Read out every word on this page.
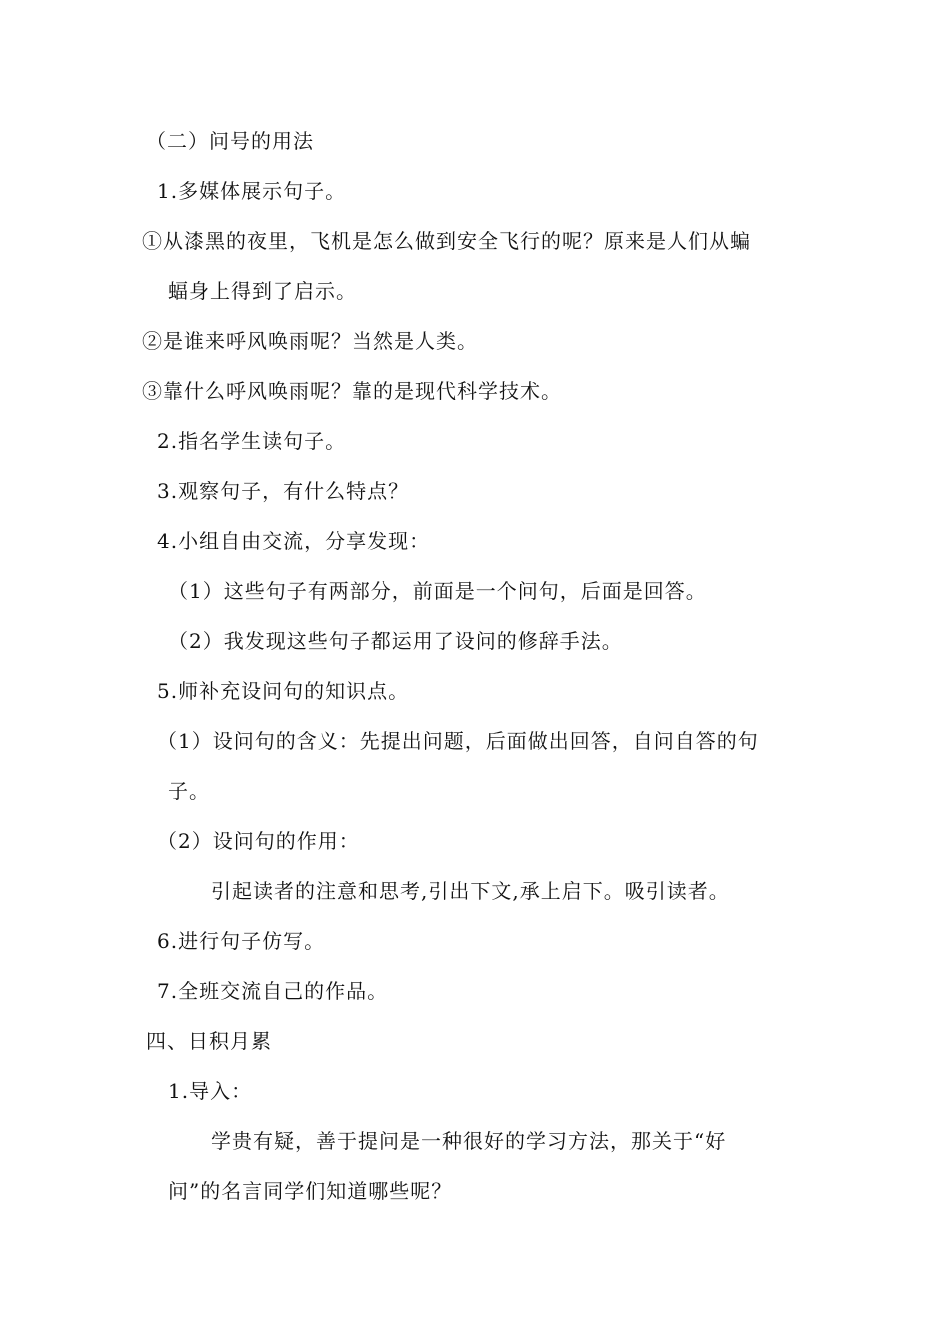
（二）问号的用法
1.多媒体展示句子。
①从漆黑的夜里，飞机是怎么做到安全飞行的呢？原来是人们从蝙
蝠身上得到了启示。
②是谁来呼风唤雨呢？当然是人类。
③靠什么呼风唤雨呢？靠的是现代科学技术。
2.指名学生读句子。
3.观察句子，有什么特点？
4.小组自由交流，分享发现：
（1）这些句子有两部分，前面是一个问句，后面是回答。
（2）我发现这些句子都运用了设问的修辞手法。
5.师补充设问句的知识点。
（1）设问句的含义：先提出问题，后面做出回答，自问自答的句
子。
（2）设问句的作用：
引起读者的注意和思考,引出下文,承上启下。吸引读者。
6.进行句子仿写。
7.全班交流自己的作品。
四、日积月累
1.导入：
学贵有疑，善于提问是一种很好的学习方法，那关于“好
问”的名言同学们知道哪些呢？
